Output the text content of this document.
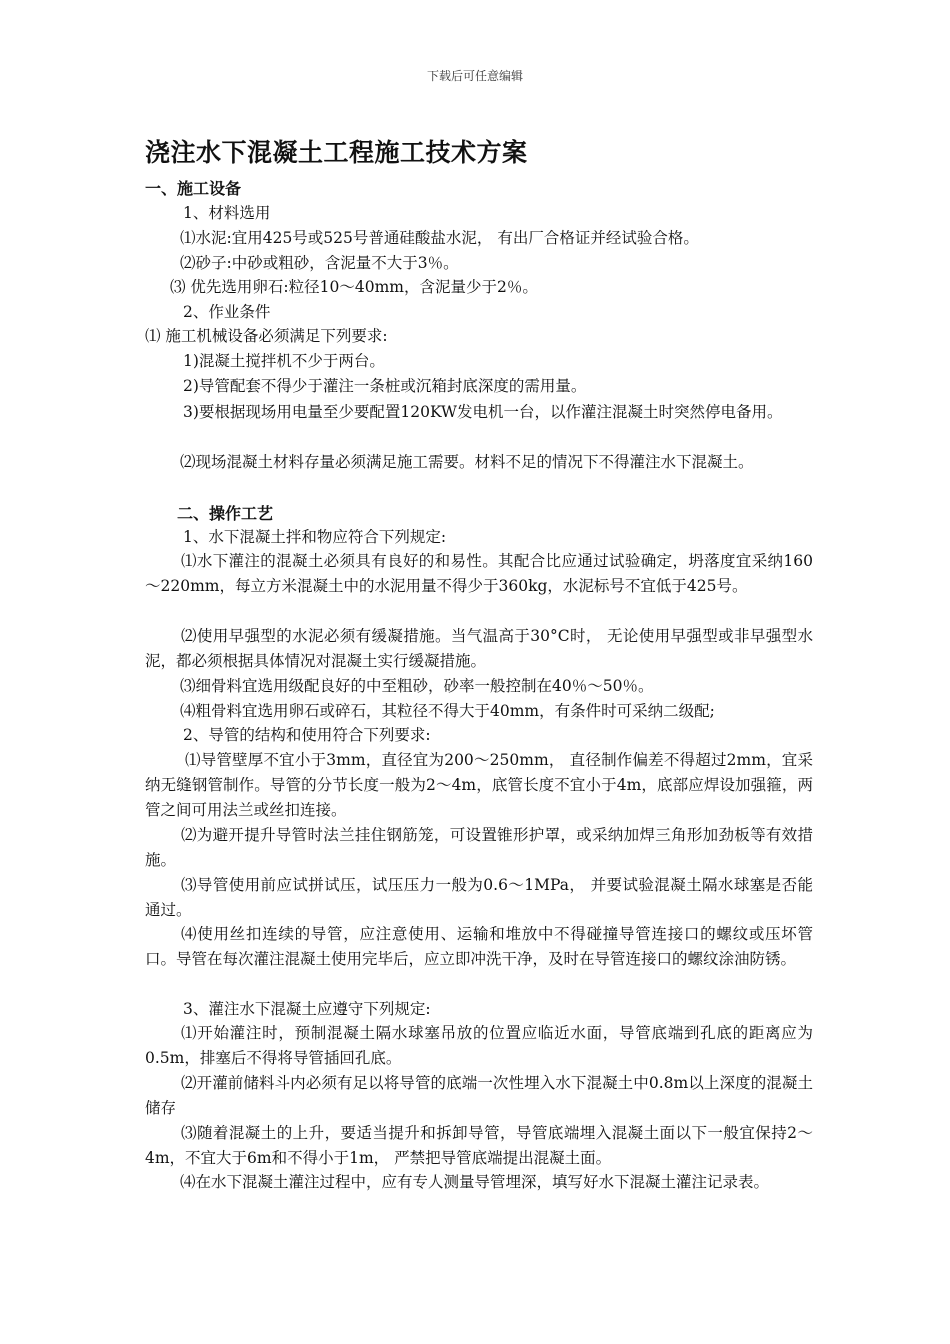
下载后可任意编辑
浇注水下混凝土工程施工技术方案

一、施工设备

1、材料选用

⑴水泥:宜用425号或525号普通硅酸盐水泥， 有出厂合格证并经试验合格。

⑵砂子:中砂或粗砂，含泥量不大于3％。

⑶ 优先选用卵石:粒径10～40mm，含泥量少于2％。

2、作业条件

⑴ 施工机械设备必须满足下列要求:

1)混凝土搅拌机不少于两台。

2)导管配套不得少于灌注一条桩或沉箱封底深度的需用量。

3)要根据现场用电量至少要配置120KW发电机一台，以作灌注混凝土时突然停电备用。

⑵现场混凝土材料存量必须满足施工需要。材料不足的情况下不得灌注水下混凝土。

二、操作工艺

1、水下混凝土拌和物应符合下列规定:

⑴水下灌注的混凝土必须具有良好的和易性。其配合比应通过试验确定，坍落度宜采纳160～220mm，每立方米混凝土中的水泥用量不得少于360kg，水泥标号不宜低于425号。

⑵使用早强型的水泥必须有缓凝措施。当气温高于30°C时， 无论使用早强型或非早强型水泥，都必须根据具体情况对混凝土实行缓凝措施。

⑶细骨料宜选用级配良好的中至粗砂，砂率一般控制在40％～50％。

⑷粗骨料宜选用卵石或碎石，其粒径不得大于40mm，有条件时可采纳二级配;

2、导管的结构和使用符合下列要求:

⑴导管壁厚不宜小于3mm，直径宜为200～250mm， 直径制作偏差不得超过2mm，宜采纳无缝钢管制作。导管的分节长度一般为2～4m，底管长度不宜小于4m，底部应焊设加强箍，两管之间可用法兰或丝扣连接。

⑵为避开提升导管时法兰挂住钢筋笼，可设置锥形护罩，或采纳加焊三角形加劲板等有效措施。

⑶导管使用前应试拼试压，试压压力一般为0.6～1MPa， 并要试验混凝土隔水球塞是否能通过。

⑷使用丝扣连续的导管，应注意使用、运输和堆放中不得碰撞导管连接口的螺纹或压坏管口。导管在每次灌注混凝土使用完毕后，应立即冲洗干净，及时在导管连接口的螺纹涂油防锈。

3、灌注水下混凝土应遵守下列规定:

⑴开始灌注时，预制混凝土隔水球塞吊放的位置应临近水面，导管底端到孔底的距离应为0.5m，排塞后不得将导管插回孔底。

⑵开灌前储料斗内必须有足以将导管的底端一次性埋入水下混凝土中0.8m以上深度的混凝土储存

⑶随着混凝土的上升，要适当提升和拆卸导管，导管底端埋入混凝土面以下一般宜保持2～4m，不宜大于6m和不得小于1m， 严禁把导管底端提出混凝土面。

⑷在水下混凝土灌注过程中，应有专人测量导管埋深，填写好水下混凝土灌注记录表。
